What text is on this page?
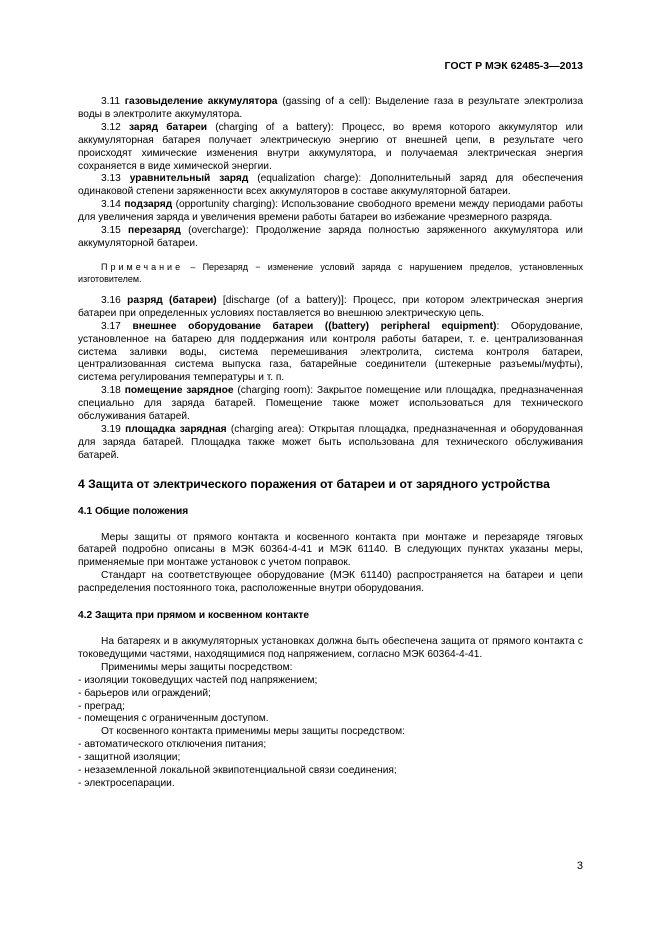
ГОСТ Р МЭК 62485-3—2013

3.11 газовыделение аккумулятора (gassing of a cell): Выделение газа в результате электролиза воды в электролите аккумулятора.

3.12 заряд батареи (charging of a battery): Процесс, во время которого аккумулятор или аккумуляторная батарея получает электрическую энергию от внешней цепи, в результате чего происходят химические изменения внутри аккумулятора, и получаемая электрическая энергия сохраняется в виде химической энергии.

3.13 уравнительный заряд (equalization charge): Дополнительный заряд для обеспечения одинаковой степени заряженности всех аккумуляторов в составе аккумуляторной батареи.

3.14 подзаряд (opportunity charging): Использование свободного времени между периодами работы для увеличения заряда и увеличения времени работы батареи во избежание чрезмерного разряда.

3.15 перезаряд (overcharge): Продолжение заряда полностью заряженного аккумулятора или аккумуляторной батареи.

Примечание – Перезаряд − изменение условий заряда с нарушением пределов, установленных изготовителем.

3.16 разряд (батареи) [discharge (of a battery)]: Процесс, при котором электрическая энергия батареи при определенных условиях поставляется во внешнюю электрическую цепь.

3.17 внешнее оборудование батареи ((battery) peripheral equipment): Оборудование, установленное на батарею для поддержания или контроля работы батареи, т. е. централизованная система заливки воды, система перемешивания электролита, система контроля батареи, централизованная система выпуска газа, батарейные соединители (штекерные разъемы/муфты), система регулирования температуры и т. п.

3.18 помещение зарядное (charging room): Закрытое помещение или площадка, предназначенная специально для заряда батарей. Помещение также может использоваться для технического обслуживания батарей.

3.19 площадка зарядная (charging area): Открытая площадка, предназначенная и оборудованная для заряда батарей. Площадка также может быть использована для технического обслуживания батарей.

4 Защита от электрического поражения от батареи и от зарядного устройства

4.1 Общие положения

Меры защиты от прямого контакта и косвенного контакта при монтаже и перезаряде тяговых батарей подробно описаны в МЭК 60364-4-41 и МЭК 61140. В следующих пунктах указаны меры, применяемые при монтаже установок с учетом поправок.

Стандарт на соответствующее оборудование (МЭК 61140) распространяется на батареи и цепи распределения постоянного тока, расположенные внутри оборудования.

4.2 Защита при прямом и косвенном контакте

На батареях и в аккумуляторных установках должна быть обеспечена защита от прямого контакта с токоведущими частями, находящимися под напряжением, согласно МЭК 60364-4-41.

Применимы меры защиты посредством:

- изоляции токоведущих частей под напряжением;

- барьеров или ограждений;

- преград;

- помещения с ограниченным доступом.

От косвенного контакта применимы меры защиты посредством:

- автоматического отключения питания;

- защитной изоляции;

- незаземленной локальной эквипотенциальной связи соединения;

- электросепарации.

3
